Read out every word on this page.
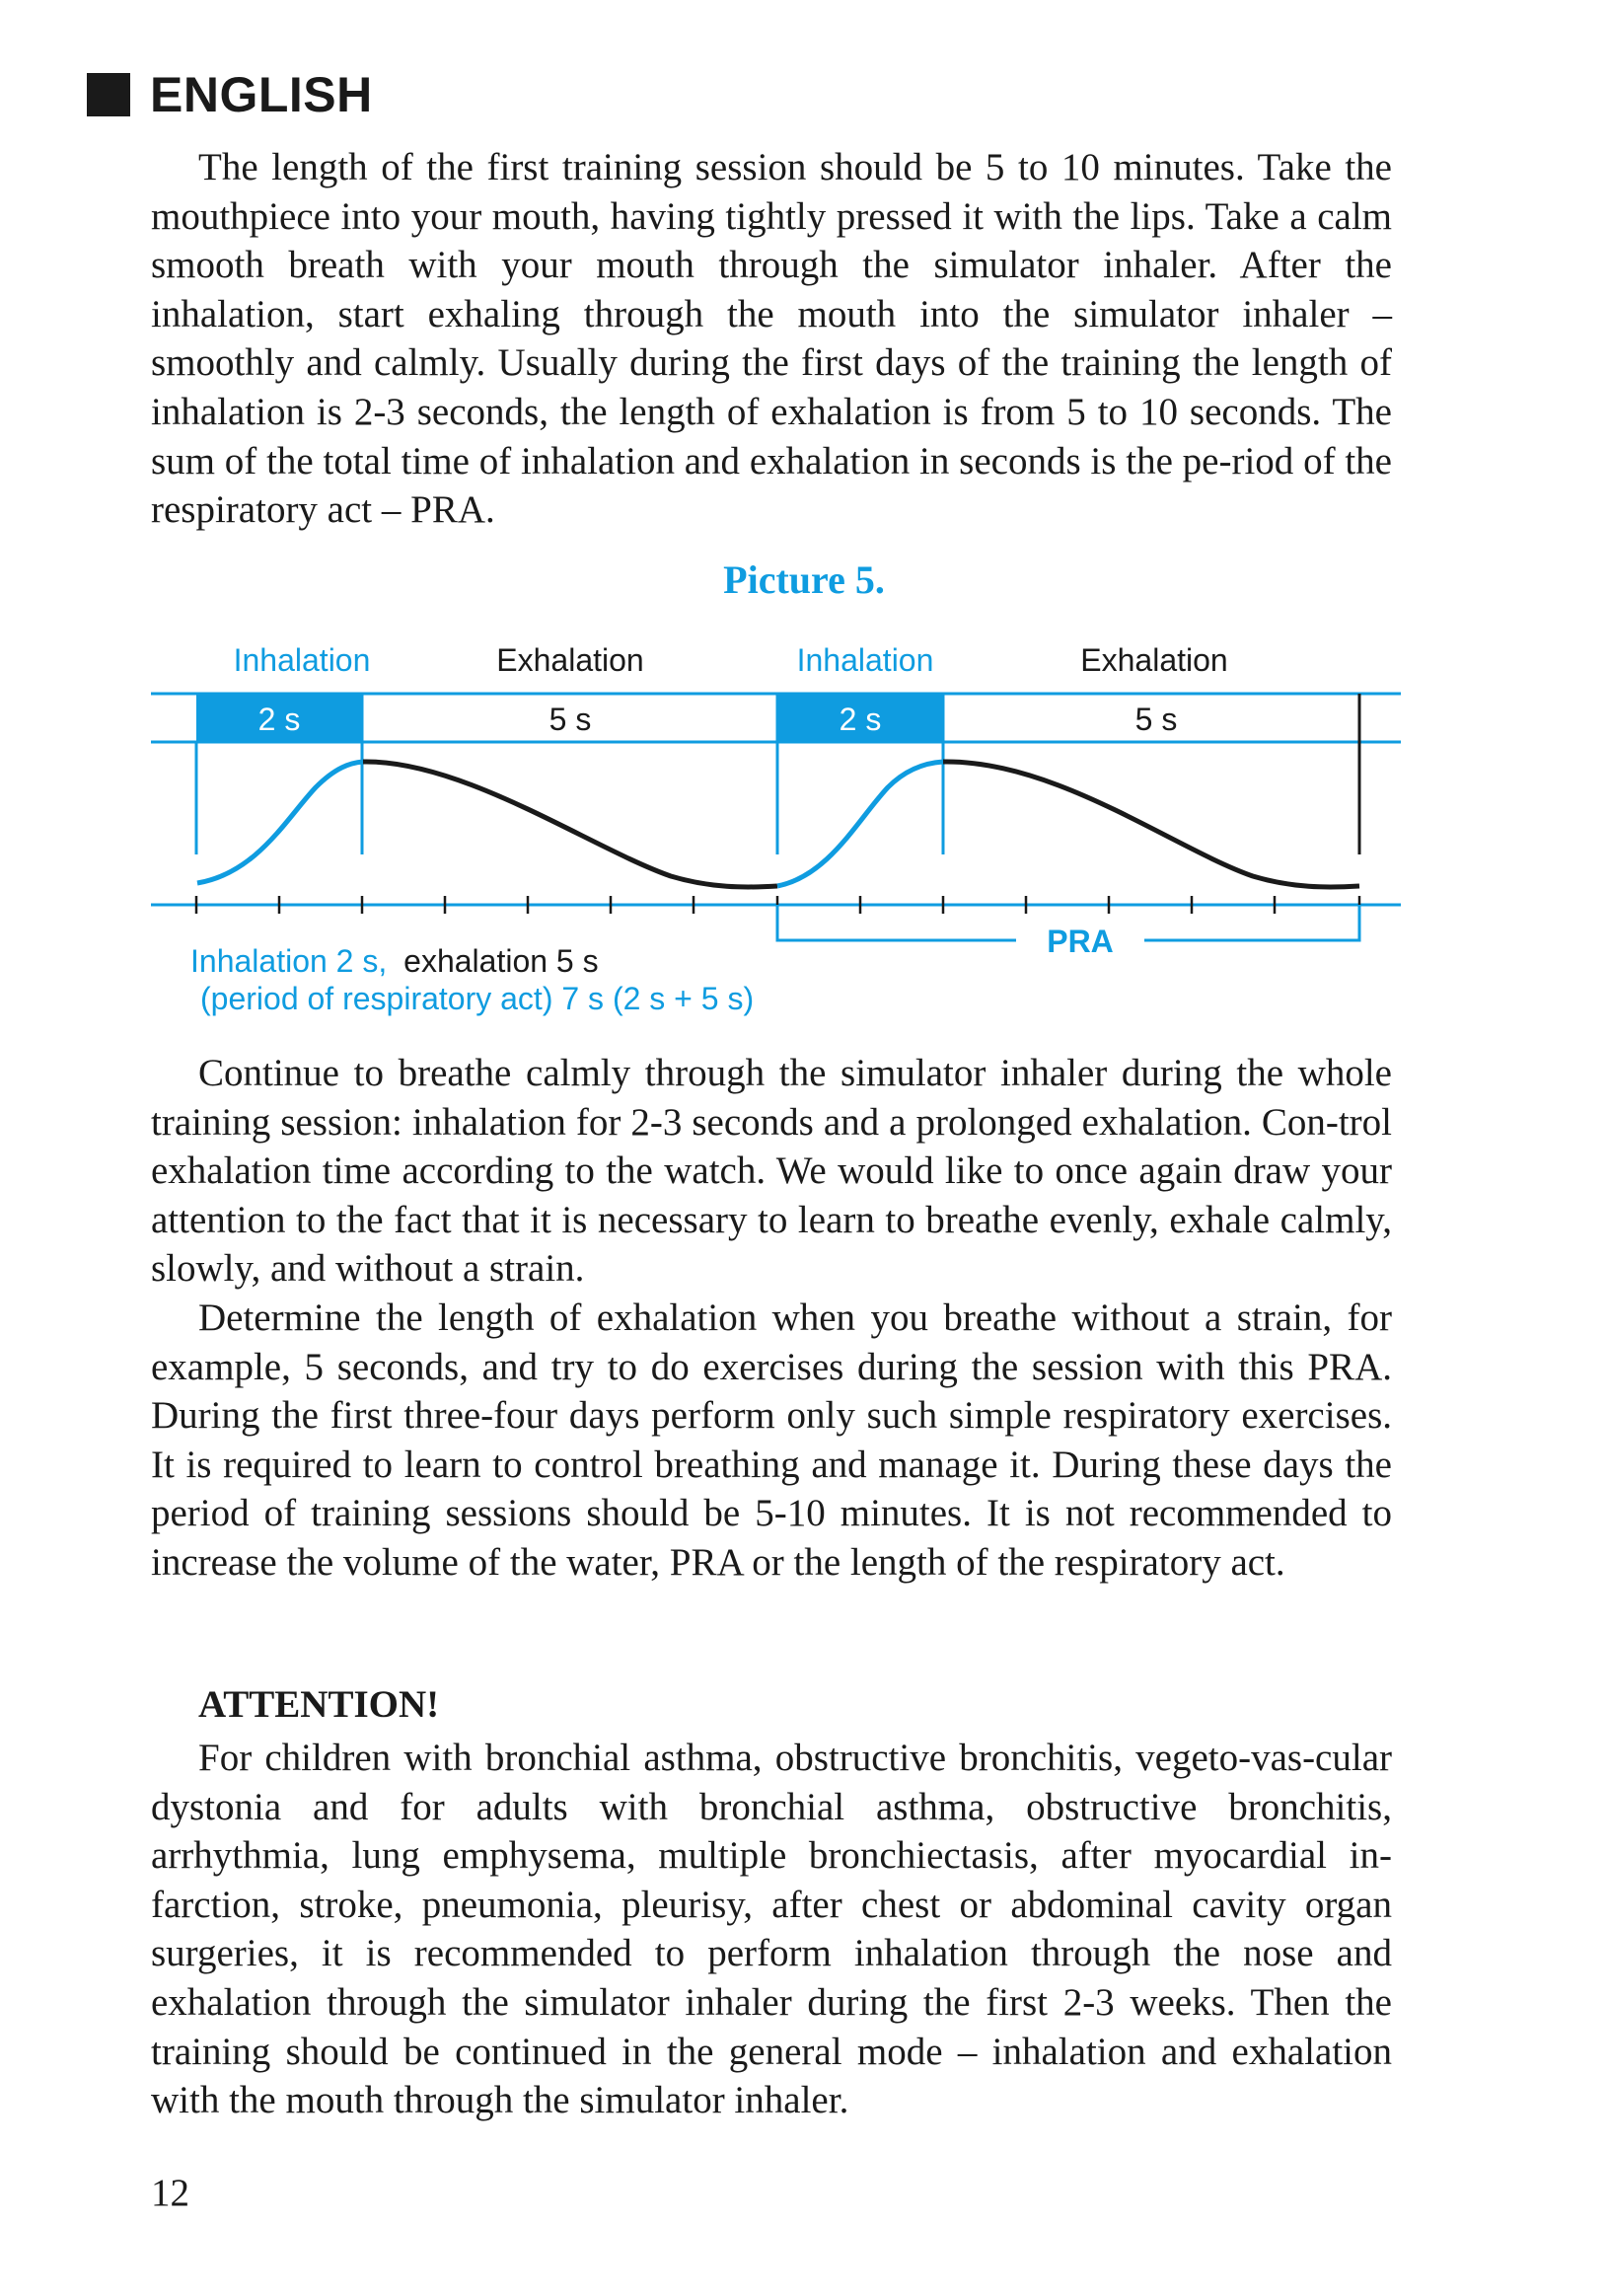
ENGLISH

The length of the first training session should be 5 to 10 minutes. Take the mouthpiece into your mouth, having tightly pressed it with the lips. Take a calm smooth breath with your mouth through the simulator inhaler. After the inhalation, start exhaling through the mouth into the simulator inhaler – smoothly and calmly. Usually during the first days of the training the length of inhalation is 2-3 seconds, the length of exhalation is from 5 to 10 seconds. The sum of the total time of inhalation and exhalation in seconds is the pe-riod of the respiratory act – PRA.

Picture 5.
Inhalation	Exhalation	Inhalation	Exhalation
2 s	5 s	2 s	5 s
PRA
Inhalation 2 s, exhalation 5 s
(period of respiratory act) 7 s (2 s + 5 s)

Continue to breathe calmly through the simulator inhaler during the whole training session: inhalation for 2-3 seconds and a prolonged exhalation. Con-trol exhalation time according to the watch. We would like to once again draw your attention to the fact that it is necessary to learn to breathe evenly, exhale calmly, slowly, and without a strain.

Determine the length of exhalation when you breathe without a strain, for example, 5 seconds, and try to do exercises during the session with this PRA. During the first three-four days perform only such simple respiratory exercises. It is required to learn to control breathing and manage it. During these days the period of training sessions should be 5-10 minutes. It is not recommended to increase the volume of the water, PRA or the length of the respiratory act.

ATTENTION!

For children with bronchial asthma, obstructive bronchitis, vegeto-vas-cular dystonia and for adults with bronchial asthma, obstructive bronchitis, arrhythmia, lung emphysema, multiple bronchiectasis, after myocardial in-farction, stroke, pneumonia, pleurisy, after chest or abdominal cavity organ surgeries, it is recommended to perform inhalation through the nose and exhalation through the simulator inhaler during the first 2-3 weeks. Then the training should be continued in the general mode – inhalation and exhalation with the mouth through the simulator inhaler.

12
